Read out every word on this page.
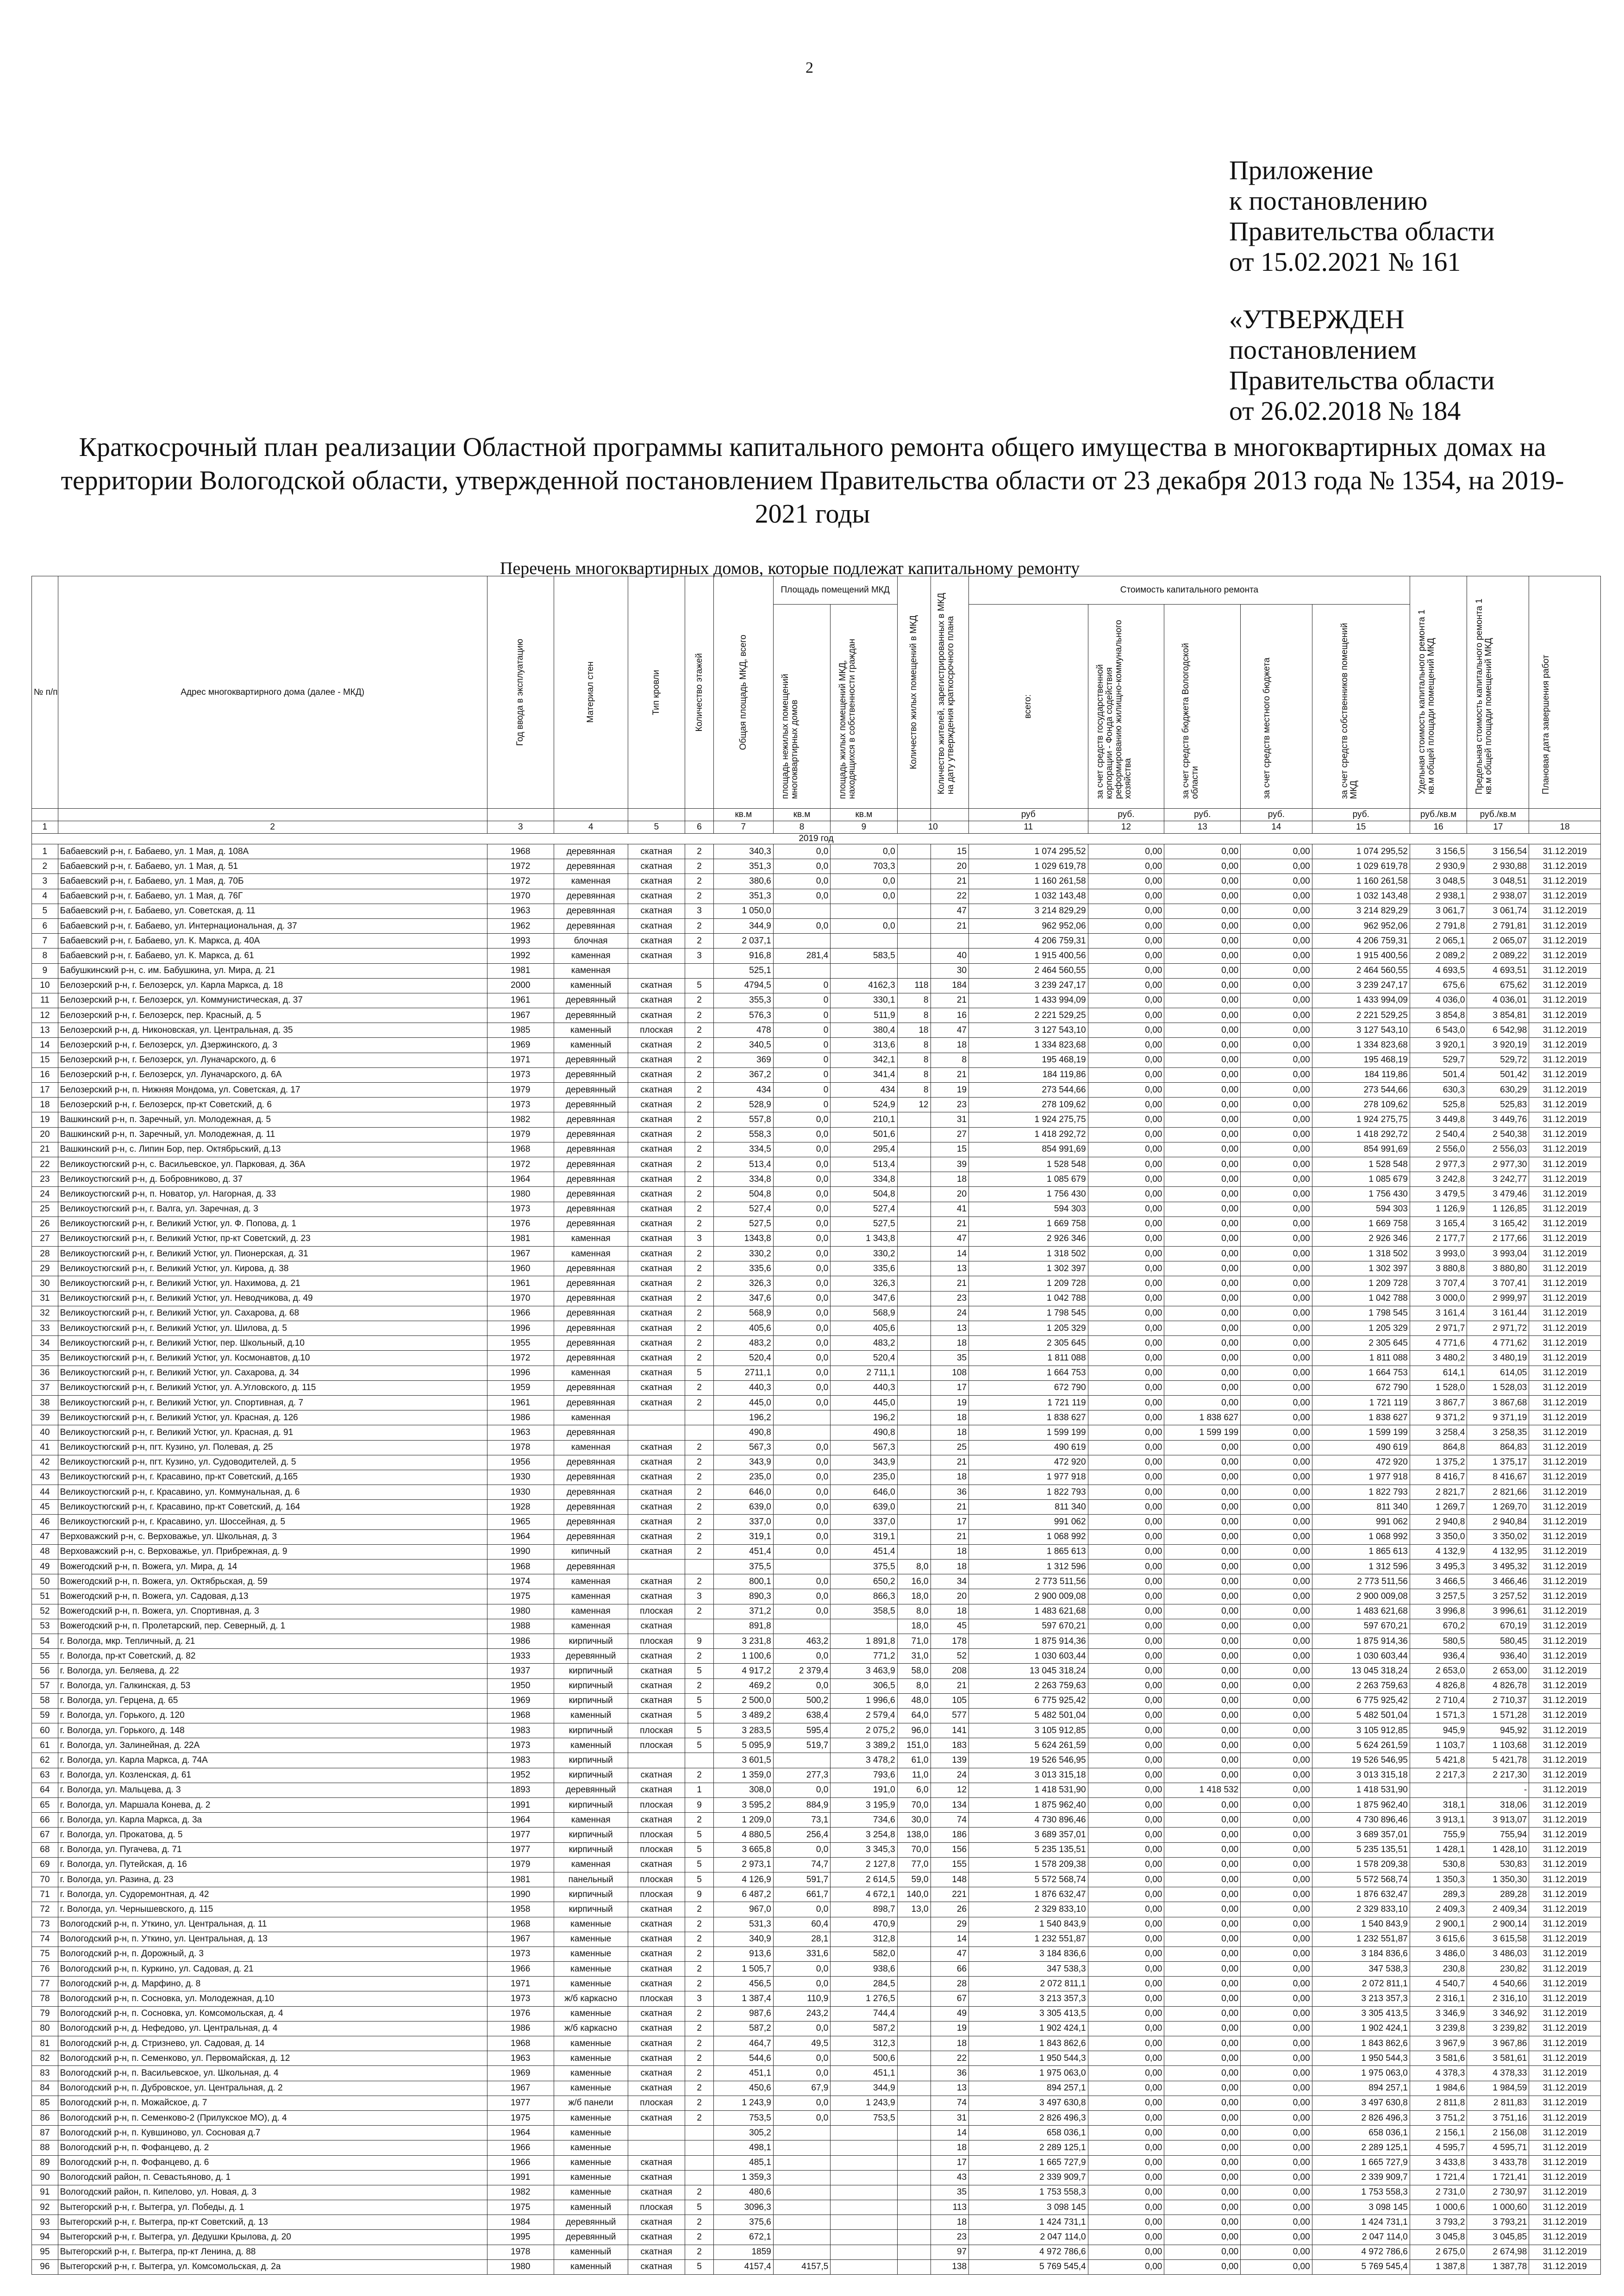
2
Приложение
к постановлению
Правительства области
от 15.02.2021 № 161
«УТВЕРЖДЕН
постановлением
Правительства области
от 26.02.2018 № 184
Краткосрочный план реализации Областной программы капитального ремонта общего имущества в многоквартирных домах на территории Вологодской области, утвержденной постановлением Правительства области от 23 декабря 2013 года № 1354, на 2019-2021 годы
Перечень многоквартирных домов, которые подлежат капитальному ремонту
№ п/п	Адрес многоквартирного дома (далее - МКД)	Год ввода в эксплуатацию	Материал стен	Тип кровли	Количество этажей	Общая площадь МКД, всего	Площадь помещений МКД		Количество жилых помещений в МКД	Количество жителей, зарегистрированных в МКД на дату утверждения краткосрочного плана	Стоимость капитального ремонта					Удельная стоимость капитального ремонта 1 кв.м общей площади помещений МКД	Предельная стоимость капитального ремонта 1 кв.м общей площади помещений МКД	Плановая дата завершения работ

							площадь нежилых помещений многоквартирных домов	площадь жилых помещений МКД, находящихся в собственности граждан			всего:	за счет средств государственной корпорации - Фонда содействия реформированию жилищно-коммунального хозяйства	за счет средств бюджета Вологодской области	за счет средств местного бюджета	за счет средств собственников помещений МКД			

						кв.м	кв.м	кв.м			руб	руб.	руб.	руб.	руб.	руб./кв.м	руб./кв.м	
1	2	3	4	5	6	7	8	9	10		11	12	13	14	15	16	17	18
2019 год																		
1	Бабаевский р-н, г. Бабаево, ул. 1 Мая, д. 108А	1968	деревянная	скатная	2	340,3	0,0	0,0		15	1 074 295,52	0,00	0,00	0,00	1 074 295,52	3 156,5	3 156,54	31.12.2019
2	Бабаевский р-н, г. Бабаево, ул. 1 Мая, д. 51	1972	деревянная	скатная	2	351,3	0,0	703,3		20	1 029 619,78	0,00	0,00	0,00	1 029 619,78	2 930,9	2 930,88	31.12.2019
3	Бабаевский р-н, г. Бабаево, ул. 1 Мая, д. 70Б	1972	каменная	скатная	2	380,6	0,0	0,0		21	1 160 261,58	0,00	0,00	0,00	1 160 261,58	3 048,5	3 048,51	31.12.2019
4	Бабаевский р-н, г. Бабаево, ул. 1 Мая, д. 76Г	1970	деревянная	скатная	2	351,3	0,0	0,0		22	1 032 143,48	0,00	0,00	0,00	1 032 143,48	2 938,1	2 938,07	31.12.2019
5	Бабаевский р-н, г. Бабаево, ул. Советская, д. 11	1963	деревянная	скатная	3	1 050,0				47	3 214 829,29	0,00	0,00	0,00	3 214 829,29	3 061,7	3 061,74	31.12.2019
6	Бабаевский р-н, г. Бабаево, ул. Интернациональная, д. 37	1962	деревянная	скатная	2	344,9	0,0	0,0		21	962 952,06	0,00	0,00	0,00	962 952,06	2 791,8	2 791,81	31.12.2019
7	Бабаевский р-н, г. Бабаево, ул. К. Маркса, д. 40А	1993	блочная	скатная	2	2 037,1					4 206 759,31	0,00	0,00	0,00	4 206 759,31	2 065,1	2 065,07	31.12.2019
8	Бабаевский р-н, г. Бабаево, ул. К. Маркса, д. 61	1992	каменная	скатная	3	916,8	281,4	583,5		40	1 915 400,56	0,00	0,00	0,00	1 915 400,56	2 089,2	2 089,22	31.12.2019
9	Бабушкинский р-н, с. им. Бабушкина, ул. Мира, д. 21	1981	каменная			525,1				30	2 464 560,55	0,00	0,00	0,00	2 464 560,55	4 693,5	4 693,51	31.12.2019
10	Белозерский р-н, г. Белозерск, ул. Карла Маркса, д. 18	2000	каменный	скатная	5	4794,5	0	4162,3	118	184	3 239 247,17	0,00	0,00	0,00	3 239 247,17	675,6	675,62	31.12.2019
11	Белозерский р-н, г. Белозерск, ул. Коммунистическая, д. 37	1961	деревянный	скатная	2	355,3	0	330,1	8	21	1 433 994,09	0,00	0,00	0,00	1 433 994,09	4 036,0	4 036,01	31.12.2019
12	Белозерский р-н, г. Белозерск, пер. Красный, д. 5	1967	деревянный	скатная	2	576,3	0	511,9	8	16	2 221 529,25	0,00	0,00	0,00	2 221 529,25	3 854,8	3 854,81	31.12.2019
13	Белозерский р-н, д. Никоновская, ул. Центральная, д. 35	1985	каменный	плоская	2	478	0	380,4	18	47	3 127 543,10	0,00	0,00	0,00	3 127 543,10	6 543,0	6 542,98	31.12.2019
14	Белозерский р-н, г. Белозерск, ул. Дзержинского, д. 3	1969	каменный	скатная	2	340,5	0	313,6	8	18	1 334 823,68	0,00	0,00	0,00	1 334 823,68	3 920,1	3 920,19	31.12.2019
15	Белозерский р-н, г. Белозерск, ул. Луначарского, д. 6	1971	деревянный	скатная	2	369	0	342,1	8	8	195 468,19	0,00	0,00	0,00	195 468,19	529,7	529,72	31.12.2019
16	Белозерский р-н, г. Белозерск, ул. Луначарского, д. 6А	1973	деревянный	скатная	2	367,2	0	341,4	8	21	184 119,86	0,00	0,00	0,00	184 119,86	501,4	501,42	31.12.2019
17	Белозерский р-н, п. Нижняя Мондома, ул. Советская, д. 17	1979	деревянный	скатная	2	434	0	434	8	19	273 544,66	0,00	0,00	0,00	273 544,66	630,3	630,29	31.12.2019
18	Белозерский р-н, г. Белозерск, пр-кт Советский, д. 6	1973	деревянный	скатная	2	528,9	0	524,9	12	23	278 109,62	0,00	0,00	0,00	278 109,62	525,8	525,83	31.12.2019
19	Вашкинский р-н, п. Заречный, ул. Молодежная, д. 5	1982	деревянная	скатная	2	557,8	0,0	210,1		31	1 924 275,75	0,00	0,00	0,00	1 924 275,75	3 449,8	3 449,76	31.12.2019
20	Вашкинский р-н, п. Заречный, ул. Молодежная, д. 11	1979	деревянная	скатная	2	558,3	0,0	501,6		27	1 418 292,72	0,00	0,00	0,00	1 418 292,72	2 540,4	2 540,38	31.12.2019
21	Вашкинский р-н, с. Липин Бор, пер. Октябрьский, д.13	1968	деревянная	скатная	2	334,5	0,0	295,4		15	854 991,69	0,00	0,00	0,00	854 991,69	2 556,0	2 556,03	31.12.2019
22	Великоустюгский р-н, с. Васильевское, ул. Парковая, д. 36А	1972	деревянная	скатная	2	513,4	0,0	513,4		39	1 528 548	0,00	0,00	0,00	1 528 548	2 977,3	2 977,30	31.12.2019
23	Великоустюгский р-н, д. Бобровниково, д. 37	1964	деревянная	скатная	2	334,8	0,0	334,8		18	1 085 679	0,00	0,00	0,00	1 085 679	3 242,8	3 242,77	31.12.2019
24	Великоустюгский р-н, п. Новатор, ул. Нагорная, д. 33	1980	деревянная	скатная	2	504,8	0,0	504,8		20	1 756 430	0,00	0,00	0,00	1 756 430	3 479,5	3 479,46	31.12.2019
25	Великоустюгский р-н, г. Валга, ул. Заречная, д. 3	1973	деревянная	скатная	2	527,4	0,0	527,4		41	594 303	0,00	0,00	0,00	594 303	1 126,9	1 126,85	31.12.2019
26	Великоустюгский р-н, г. Великий Устюг, ул. Ф. Попова, д. 1	1976	деревянная	скатная	2	527,5	0,0	527,5		21	1 669 758	0,00	0,00	0,00	1 669 758	3 165,4	3 165,42	31.12.2019
27	Великоустюгский р-н, г. Великий Устюг, пр-кт Советский, д. 23	1981	каменная	скатная	3	1343,8	0,0	1 343,8		47	2 926 346	0,00	0,00	0,00	2 926 346	2 177,7	2 177,66	31.12.2019
28	Великоустюгский р-н, г. Великий Устюг, ул. Пионерская, д. 31	1967	каменная	скатная	2	330,2	0,0	330,2		14	1 318 502	0,00	0,00	0,00	1 318 502	3 993,0	3 993,04	31.12.2019
29	Великоустюгский р-н, г. Великий Устюг, ул. Кирова, д. 38	1960	деревянная	скатная	2	335,6	0,0	335,6		13	1 302 397	0,00	0,00	0,00	1 302 397	3 880,8	3 880,80	31.12.2019
30	Великоустюгский р-н, г. Великий Устюг, ул. Нахимова, д. 21	1961	деревянная	скатная	2	326,3	0,0	326,3		21	1 209 728	0,00	0,00	0,00	1 209 728	3 707,4	3 707,41	31.12.2019
31	Великоустюгский р-н, г. Великий Устюг, ул. Неводчикова, д. 49	1970	деревянная	скатная	2	347,6	0,0	347,6		23	1 042 788	0,00	0,00	0,00	1 042 788	3 000,0	2 999,97	31.12.2019
32	Великоустюгский р-н, г. Великий Устюг, ул. Сахарова, д. 68	1966	деревянная	скатная	2	568,9	0,0	568,9		24	1 798 545	0,00	0,00	0,00	1 798 545	3 161,4	3 161,44	31.12.2019
33	Великоустюгский р-н, г. Великий Устюг, ул. Шилова, д. 5	1996	деревянная	скатная	2	405,6	0,0	405,6		13	1 205 329	0,00	0,00	0,00	1 205 329	2 971,7	2 971,72	31.12.2019
34	Великоустюгский р-н, г. Великий Устюг, пер. Школьный, д.10	1955	деревянная	скатная	2	483,2	0,0	483,2		18	2 305 645	0,00	0,00	0,00	2 305 645	4 771,6	4 771,62	31.12.2019
35	Великоустюгский р-н, г. Великий Устюг, ул. Космонавтов, д.10	1972	деревянная	скатная	2	520,4	0,0	520,4		35	1 811 088	0,00	0,00	0,00	1 811 088	3 480,2	3 480,19	31.12.2019
36	Великоустюгский р-н, г. Великий Устюг, ул. Сахарова, д. 34	1996	каменная	скатная	5	2711,1	0,0	2 711,1		108	1 664 753	0,00	0,00	0,00	1 664 753	614,1	614,05	31.12.2019
37	Великоустюгский р-н, г. Великий Устюг, ул. А.Угловского, д. 115	1959	деревянная	скатная	2	440,3	0,0	440,3		17	672 790	0,00	0,00	0,00	672 790	1 528,0	1 528,03	31.12.2019
38	Великоустюгский р-н, г. Великий Устюг, ул. Спортивная, д. 7	1961	деревянная	скатная	2	445,0	0,0	445,0		19	1 721 119	0,00	0,00	0,00	1 721 119	3 867,7	3 867,68	31.12.2019
39	Великоустюгский р-н, г. Великий Устюг, ул. Красная, д. 126	1986	каменная			196,2		196,2		18	1 838 627	0,00	1 838 627	0,00	1 838 627	9 371,2	9 371,19	31.12.2019
40	Великоустюгский р-н, г. Великий Устюг, ул. Красная, д. 91	1963	деревянная			490,8		490,8		18	1 599 199	0,00	1 599 199	0,00	1 599 199	3 258,4	3 258,35	31.12.2019
41	Великоустюгский р-н, пгт. Кузино, ул. Полевая, д. 25	1978	каменная	скатная	2	567,3	0,0	567,3		25	490 619	0,00	0,00	0,00	490 619	864,8	864,83	31.12.2019
42	Великоустюгский р-н, пгт. Кузино, ул. Судоводителей, д. 5	1956	деревянная	скатная	2	343,9	0,0	343,9		21	472 920	0,00	0,00	0,00	472 920	1 375,2	1 375,17	31.12.2019
43	Великоустюгский р-н, г. Красавино, пр-кт Советский, д.165	1930	деревянная	скатная	2	235,0	0,0	235,0		18	1 977 918	0,00	0,00	0,00	1 977 918	8 416,7	8 416,67	31.12.2019
44	Великоустюгский р-н, г. Красавино, ул. Коммунальная, д. 6	1930	деревянная	скатная	2	646,0	0,0	646,0		36	1 822 793	0,00	0,00	0,00	1 822 793	2 821,7	2 821,66	31.12.2019
45	Великоустюгский р-н, г. Красавино, пр-кт Советский, д. 164	1928	деревянная	скатная	2	639,0	0,0	639,0		21	811 340	0,00	0,00	0,00	811 340	1 269,7	1 269,70	31.12.2019
46	Великоустюгский р-н, г. Красавино, ул. Шоссейная, д. 5	1965	деревянная	скатная	2	337,0	0,0	337,0		17	991 062	0,00	0,00	0,00	991 062	2 940,8	2 940,84	31.12.2019
47	Верховажский р-н, с. Верховажье, ул. Школьная, д. 3	1964	деревянная	скатная	2	319,1	0,0	319,1		21	1 068 992	0,00	0,00	0,00	1 068 992	3 350,0	3 350,02	31.12.2019
48	Верховажский р-н, с. Верховажье, ул. Прибрежная, д. 9	1990	кипичный	скатная	2	451,4	0,0	451,4		18	1 865 613	0,00	0,00	0,00	1 865 613	4 132,9	4 132,95	31.12.2019
49	Вожегодский р-н, п. Вожега, ул. Мира, д. 14	1968	деревянная			375,5		375,5	8,0	18	1 312 596	0,00	0,00	0,00	1 312 596	3 495,3	3 495,32	31.12.2019
50	Вожегодский р-н, п. Вожега, ул. Октябрьская, д. 59	1974	каменная	скатная	2	800,1	0,0	650,2	16,0	34	2 773 511,56	0,00	0,00	0,00	2 773 511,56	3 466,5	3 466,46	31.12.2019
51	Вожегодский р-н, п. Вожега, ул. Садовая, д.13	1975	каменная	скатная	3	890,3	0,0	866,3	18,0	20	2 900 009,08	0,00	0,00	0,00	2 900 009,08	3 257,5	3 257,52	31.12.2019
52	Вожегодский р-н, п. Вожега, ул. Спортивная, д. 3	1980	каменная	плоская	2	371,2	0,0	358,5	8,0	18	1 483 621,68	0,00	0,00	0,00	1 483 621,68	3 996,8	3 996,61	31.12.2019
53	Вожегодский р-н, п. Пролетарский, пер. Северный, д. 1	1988	каменная	скатная		891,8			18,0	45	597 670,21	0,00	0,00	0,00	597 670,21	670,2	670,19	31.12.2019
54	г. Вологда, мкр. Тепличный, д. 21	1986	кирпичный	плоская	9	3 231,8	463,2	1 891,8	71,0	178	1 875 914,36	0,00	0,00	0,00	1 875 914,36	580,5	580,45	31.12.2019
55	г. Вологда, пр-кт Советский, д. 82	1933	деревянный	скатная	2	1 100,6	0,0	771,2	31,0	52	1 030 603,44	0,00	0,00	0,00	1 030 603,44	936,4	936,40	31.12.2019
56	г. Вологда, ул. Беляева, д. 22	1937	кирпичный	скатная	5	4 917,2	2 379,4	3 463,9	58,0	208	13 045 318,24	0,00	0,00	0,00	13 045 318,24	2 653,0	2 653,00	31.12.2019
57	г. Вологда, ул. Галкинская, д. 53	1950	кирпичный	скатная	2	469,2	0,0	306,5	8,0	21	2 263 759,63	0,00	0,00	0,00	2 263 759,63	4 826,8	4 826,78	31.12.2019
58	г. Вологда, ул. Герцена, д. 65	1969	кирпичный	скатная	5	2 500,0	500,2	1 996,6	48,0	105	6 775 925,42	0,00	0,00	0,00	6 775 925,42	2 710,4	2 710,37	31.12.2019
59	г. Вологда, ул. Горького, д. 120	1968	каменный	скатная	5	3 489,2	638,4	2 579,4	64,0	577	5 482 501,04	0,00	0,00	0,00	5 482 501,04	1 571,3	1 571,28	31.12.2019
60	г. Вологда, ул. Горького, д. 148	1983	кирпичный	плоская	5	3 283,5	595,4	2 075,2	96,0	141	3 105 912,85	0,00	0,00	0,00	3 105 912,85	945,9	945,92	31.12.2019
61	г. Вологда, ул. Залинейная, д. 22А	1973	каменный	плоская	5	5 095,9	519,7	3 389,2	151,0	183	5 624 261,59	0,00	0,00	0,00	5 624 261,59	1 103,7	1 103,68	31.12.2019
62	г. Вологда, ул. Карла Маркса, д. 74А	1983	кирпичный			3 601,5		3 478,2	61,0	139	19 526 546,95	0,00	0,00	0,00	19 526 546,95	5 421,8	5 421,78	31.12.2019
63	г. Вологда, ул. Козленская, д. 61	1952	кирпичный	скатная	2	1 359,0	277,3	793,6	11,0	24	3 013 315,18	0,00	0,00	0,00	3 013 315,18	2 217,3	2 217,30	31.12.2019
64	г. Вологда, ул. Мальцева, д. 3	1893	деревянный	скатная	1	308,0	0,0	191,0	6,0	12	1 418 531,90	0,00	1 418 532	0,00	1 418 531,90		-	31.12.2019
65	г. Вологда, ул. Маршала Конева, д. 2	1991	кирпичный	плоская	9	3 595,2	884,9	3 195,9	70,0	134	1 875 962,40	0,00	0,00	0,00	1 875 962,40	318,1	318,06	31.12.2019
66	г. Вологда, ул. Карла Маркса, д. 3а	1964	каменная	скатная	2	1 209,0	73,1	734,6	30,0	74	4 730 896,46	0,00	0,00	0,00	4 730 896,46	3 913,1	3 913,07	31.12.2019
67	г. Вологда, ул. Прокатова, д. 5	1977	кирпичный	плоская	5	4 880,5	256,4	3 254,8	138,0	186	3 689 357,01	0,00	0,00	0,00	3 689 357,01	755,9	755,94	31.12.2019
68	г. Вологда, ул. Пугачева, д. 71	1977	кирпичный	плоская	5	3 665,8	0,0	3 345,3	70,0	156	5 235 135,51	0,00	0,00	0,00	5 235 135,51	1 428,1	1 428,10	31.12.2019
69	г. Вологда, ул. Путейская, д. 16	1979	каменная	скатная	5	2 973,1	74,7	2 127,8	77,0	155	1 578 209,38	0,00	0,00	0,00	1 578 209,38	530,8	530,83	31.12.2019
70	г. Вологда, ул. Разина, д. 23	1981	панельный	плоская	5	4 126,9	591,7	2 614,5	59,0	148	5 572 568,74	0,00	0,00	0,00	5 572 568,74	1 350,3	1 350,30	31.12.2019
71	г. Вологда, ул. Судоремонтная, д. 42	1990	кирпичный	плоская	9	6 487,2	661,7	4 672,1	140,0	221	1 876 632,47	0,00	0,00	0,00	1 876 632,47	289,3	289,28	31.12.2019
72	г. Вологда, ул. Чернышевского, д. 115	1958	кирпичный	скатная	2	967,0	0,0	898,7	13,0	26	2 329 833,10	0,00	0,00	0,00	2 329 833,10	2 409,3	2 409,34	31.12.2019
73	Вологодский р-н, п. Уткино, ул. Центральная, д. 11	1968	каменные	скатная	2	531,3	60,4	470,9		29	1 540 843,9	0,00	0,00	0,00	1 540 843,9	2 900,1	2 900,14	31.12.2019
74	Вологодский р-н, п. Уткино, ул. Центральная, д. 13	1967	каменные	скатная	2	340,9	28,1	312,8		14	1 232 551,87	0,00	0,00	0,00	1 232 551,87	3 615,6	3 615,58	31.12.2019
75	Вологодский р-н, п. Дорожный, д. 3	1973	каменные	скатная	2	913,6	331,6	582,0		47	3 184 836,6	0,00	0,00	0,00	3 184 836,6	3 486,0	3 486,03	31.12.2019
76	Вологодский р-н, п. Куркино, ул. Садовая, д. 21	1966	каменные	скатная	2	1 505,7	0,0	938,6		66	347 538,3	0,00	0,00	0,00	347 538,3	230,8	230,82	31.12.2019
77	Вологодский р-н, д. Марфино, д. 8	1971	каменные	скатная	2	456,5	0,0	284,5		28	2 072 811,1	0,00	0,00	0,00	2 072 811,1	4 540,7	4 540,66	31.12.2019
78	Вологодский р-н, п. Сосновка, ул. Молодежная, д.10	1973	ж/б каркасно	плоская	3	1 387,4	110,9	1 276,5		67	3 213 357,3	0,00	0,00	0,00	3 213 357,3	2 316,1	2 316,10	31.12.2019
79	Вологодский р-н, п. Сосновка, ул. Комсомольская, д. 4	1976	каменные	скатная	2	987,6	243,2	744,4		49	3 305 413,5	0,00	0,00	0,00	3 305 413,5	3 346,9	3 346,92	31.12.2019
80	Вологодский р-н, д. Нефедово, ул. Центральная, д. 4	1986	ж/б каркасно	скатная	2	587,2	0,0	587,2		19	1 902 424,1	0,00	0,00	0,00	1 902 424,1	3 239,8	3 239,82	31.12.2019
81	Вологодский р-н, д. Стризнево, ул. Садовая, д. 14	1968	каменные	скатная	2	464,7	49,5	312,3		18	1 843 862,6	0,00	0,00	0,00	1 843 862,6	3 967,9	3 967,86	31.12.2019
82	Вологодский р-н, п. Семенково, ул. Первомайская, д. 12	1963	каменные	скатная	2	544,6	0,0	500,6		22	1 950 544,3	0,00	0,00	0,00	1 950 544,3	3 581,6	3 581,61	31.12.2019
83	Вологодский р-н, п. Васильевское, ул. Школьная, д. 4	1969	каменные	скатная	2	451,1	0,0	451,1		36	1 975 063,0	0,00	0,00	0,00	1 975 063,0	4 378,3	4 378,33	31.12.2019
84	Вологодский р-н, п. Дубровское, ул. Центральная, д. 2	1967	каменные	скатная	2	450,6	67,9	344,9		13	894 257,1	0,00	0,00	0,00	894 257,1	1 984,6	1 984,59	31.12.2019
85	Вологодский р-н, п. Можайское, д. 7	1977	ж/б панели	плоская	2	1 243,9	0,0	1 243,9		74	3 497 630,8	0,00	0,00	0,00	3 497 630,8	2 811,8	2 811,83	31.12.2019
86	Вологодский р-н, п. Семенково-2 (Прилукское МО), д. 4	1975	каменные	скатная	2	753,5	0,0	753,5		31	2 826 496,3	0,00	0,00	0,00	2 826 496,3	3 751,2	3 751,16	31.12.2019
87	Вологодский р-н, п. Кувшиново, ул. Сосновая д.7	1964	каменные			305,2				14	658 036,1	0,00	0,00	0,00	658 036,1	2 156,1	2 156,08	31.12.2019
88	Вологодский р-н, п. Фофанцево, д. 2	1966	каменные			498,1				18	2 289 125,1	0,00	0,00	0,00	2 289 125,1	4 595,7	4 595,71	31.12.2019
89	Вологодский р-н, п. Фофанцево, д. 6	1966	каменные	скатная		485,1				17	1 665 727,9	0,00	0,00	0,00	1 665 727,9	3 433,8	3 433,78	31.12.2019
90	Вологодский район, п. Севастьяново, д. 1	1991	каменные	скатная		1 359,3				43	2 339 909,7	0,00	0,00	0,00	2 339 909,7	1 721,4	1 721,41	31.12.2019
91	Вологодский район, п. Кипелово, ул. Новая, д. 3	1982	каменные	скатная	2	480,6				35	1 753 558,3	0,00	0,00	0,00	1 753 558,3	2 731,0	2 730,97	31.12.2019
92	Вытегорский р-н, г. Вытегра, ул. Победы, д. 1	1975	каменный	плоская	5	3096,3				113	3 098 145	0,00	0,00	0,00	3 098 145	1 000,6	1 000,60	31.12.2019
93	Вытегорский р-н, г. Вытегра, пр-кт Советский, д. 13	1984	деревянный	скатная	2	375,6				18	1 424 731,1	0,00	0,00	0,00	1 424 731,1	3 793,2	3 793,21	31.12.2019
94	Вытегорский р-н, г. Вытегра, ул. Дедушки Крылова, д. 20	1995	деревянный	скатная	2	672,1				23	2 047 114,0	0,00	0,00	0,00	2 047 114,0	3 045,8	3 045,85	31.12.2019
95	Вытегорский р-н, г. Вытегра, пр-кт Ленина, д. 88	1978	каменный	скатная	2	1859				97	4 972 786,6	0,00	0,00	0,00	4 972 786,6	2 675,0	2 674,98	31.12.2019
96	Вытегорский р-н, г. Вытегра, ул. Комсомольская, д. 2а	1980	каменный	скатная	5	4157,4	4157,5			138	5 769 545,4	0,00	0,00	0,00	5 769 545,4	1 387,8	1 387,78	31.12.2019
